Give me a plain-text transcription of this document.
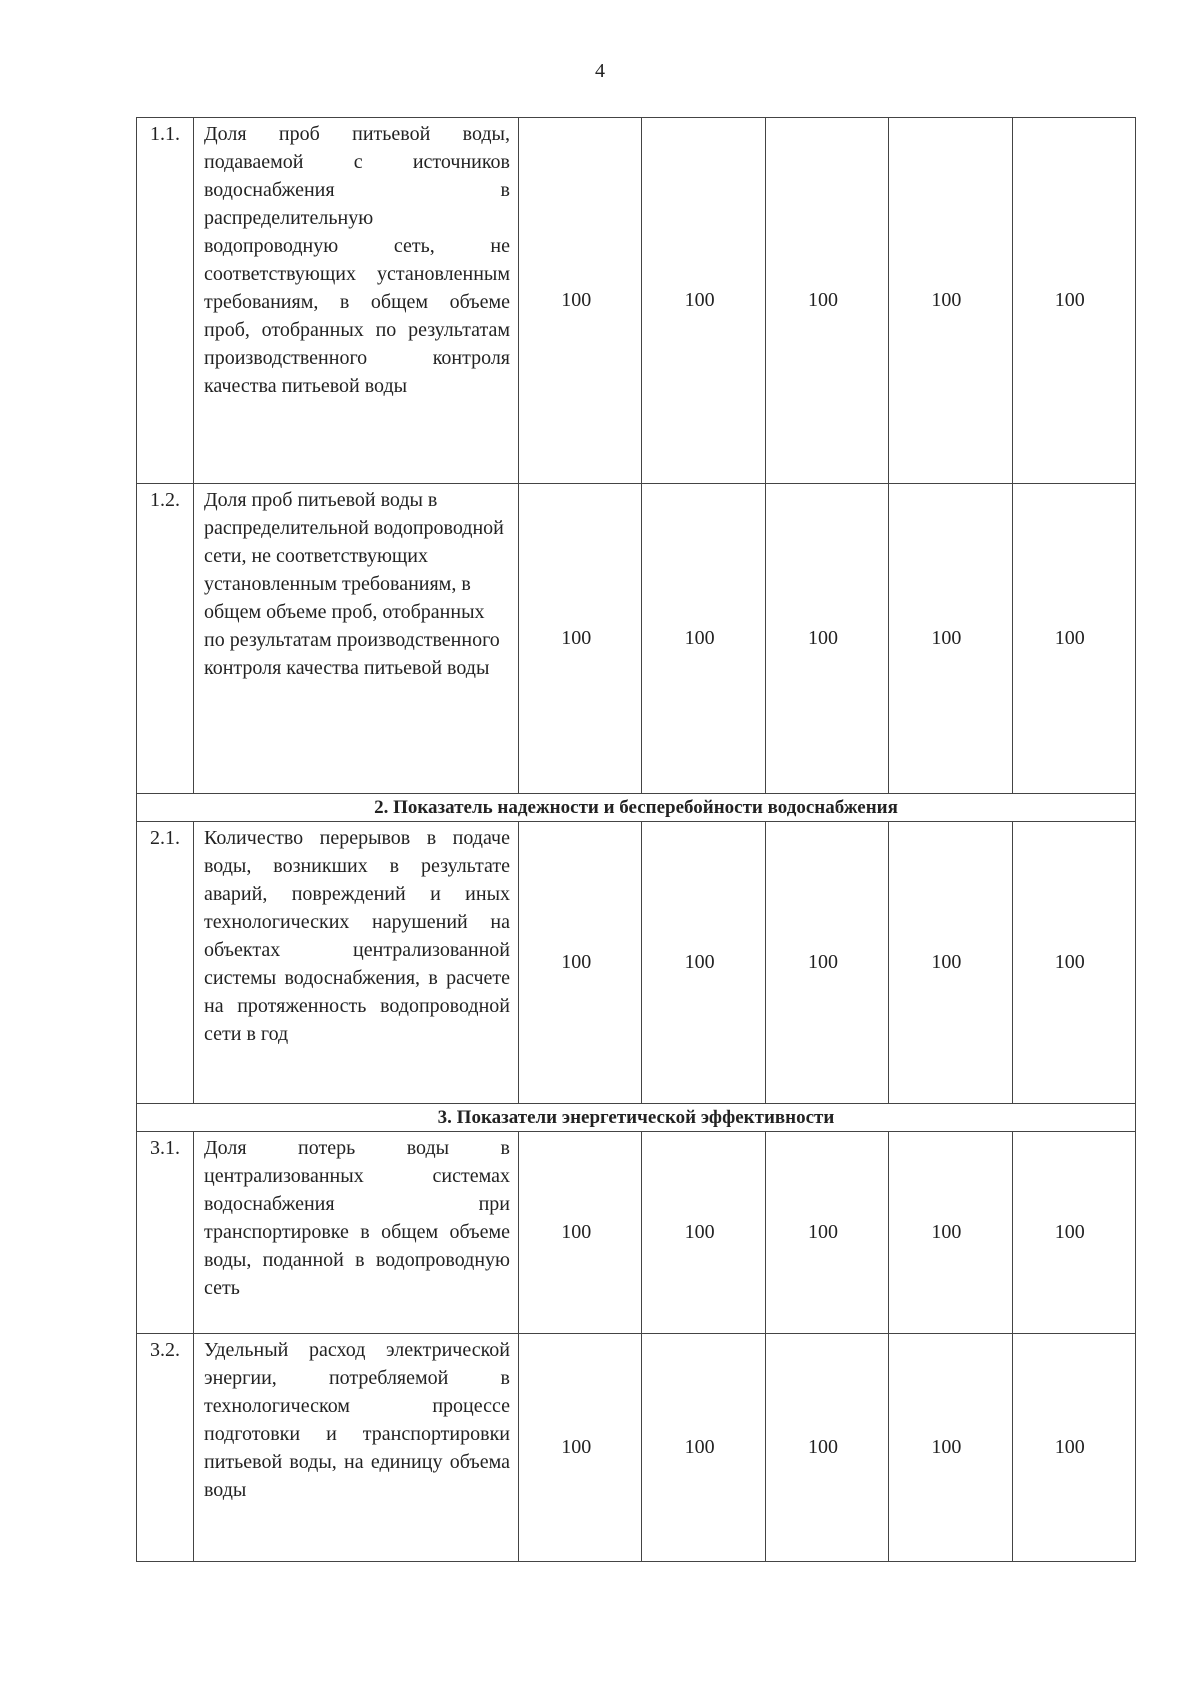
4
1.1.	Доля проб питьевой воды, подаваемой с источников водоснабжения в распределительную водопроводную сеть, не соответствующих установленным требованиям, в общем объеме проб, отобранных по результатам производственного контроля качества питьевой воды	100	100	100	100	100
1.2.	Доля проб питьевой воды в распределительной водопроводной сети, не соответствующих установленным требованиям, в общем объеме проб, отобранных по результатам производственного контроля качества питьевой воды	100	100	100	100	100
2. Показатель надежности и бесперебойности водоснабжения						
2.1.	Количество перерывов в подаче воды, возникших в результате аварий, повреждений и иных технологических нарушений на объектах централизованной системы водоснабжения, в расчете на протяженность водопроводной сети в год	100	100	100	100	100
3. Показатели энергетической эффективности						
3.1.	Доля потерь воды в централизованных системах водоснабжения при транспортировке в общем объеме воды, поданной в водопроводную сеть	100	100	100	100	100
3.2.	Удельный расход электрической энергии, потребляемой в технологическом процессе подготовки и транспортировки питьевой воды, на единицу объема воды	100	100	100	100	100
